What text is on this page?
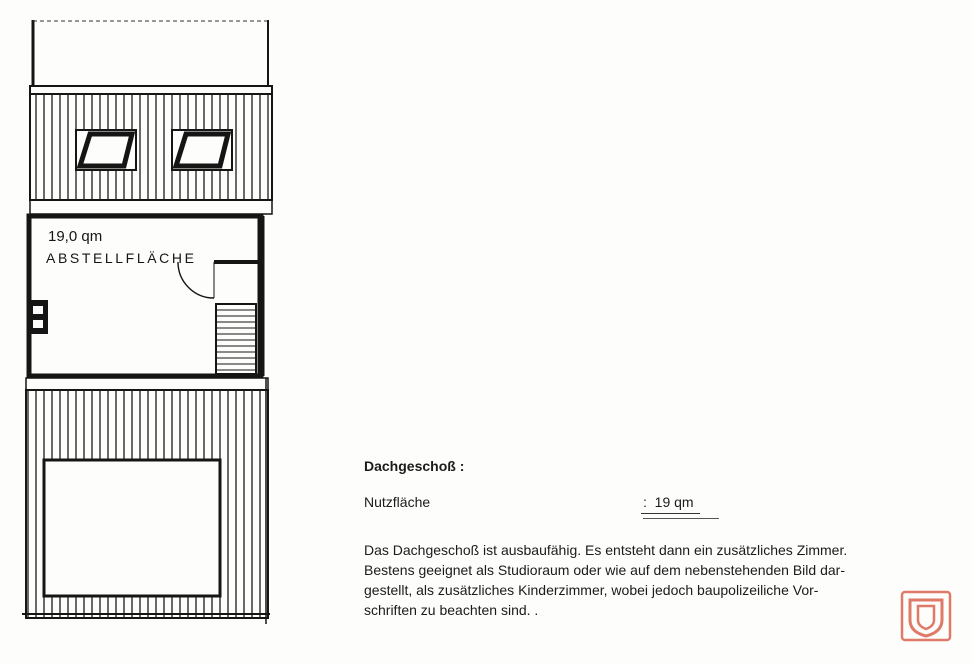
19,0 qm
ABSTELLFLÄCHE
Dachgeschoß :
Nutzfläche	:  19 qm
Das Dachgeschoß ist ausbaufähig. Es entsteht dann ein zusätzliches Zimmer.
Bestens geeignet als Studioraum oder wie auf dem nebenstehenden Bild dar-
gestellt, als zusätzliches Kinderzimmer, wobei jedoch baupolizeiliche Vor-
schriften zu beachten sind. .
